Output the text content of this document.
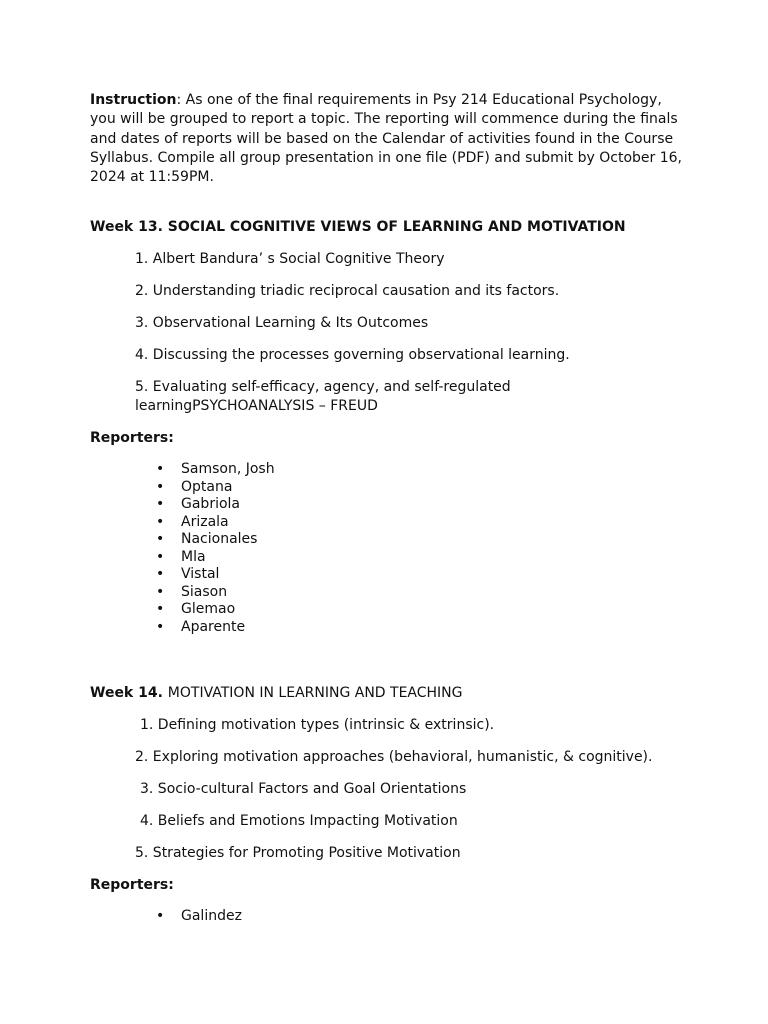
Instruction: As one of the final requirements in Psy 214 Educational Psychology, you will be grouped to report a topic. The reporting will commence during the finals and dates of reports will be based on the Calendar of activities found in the Course Syllabus. Compile all group presentation in one file (PDF) and submit by October 16, 2024 at 11:59PM.

Week 13. SOCIAL COGNITIVE VIEWS OF LEARNING AND MOTIVATION

1. Albert Bandura’ s Social Cognitive Theory

2. Understanding triadic reciprocal causation and its factors.

3. Observational Learning & Its Outcomes

4. Discussing the processes governing observational learning.

5. Evaluating self-efficacy, agency, and self-regulated learningPSYCHOANALYSIS – FREUD

Reporters:

• Samson, Josh
• Optana
• Gabriola
• Arizala
• Nacionales
• Mla
• Vistal
• Siason
• Glemao
• Aparente

Week 14. MOTIVATION IN LEARNING AND TEACHING

1. Defining motivation types (intrinsic & extrinsic).

2. Exploring motivation approaches (behavioral, humanistic, & cognitive).

3. Socio-cultural Factors and Goal Orientations

4. Beliefs and Emotions Impacting Motivation

5. Strategies for Promoting Positive Motivation

Reporters:

• Galindez
